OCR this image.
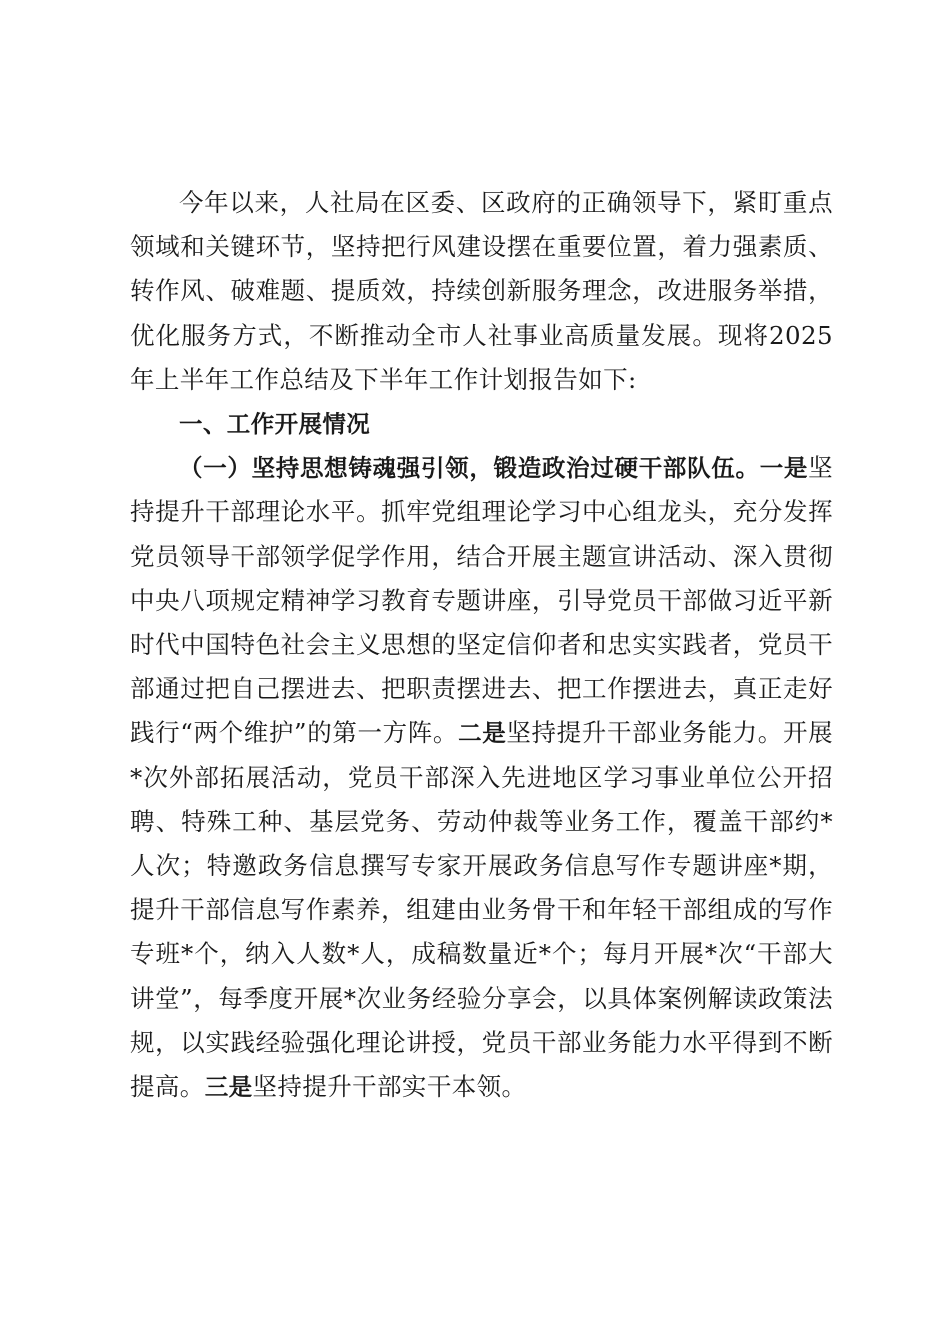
今年以来，人社局在区委、区政府的正确领导下，紧盯重点领域和关键环节，坚持把行风建设摆在重要位置，着力强素质、转作风、破难题、提质效，持续创新服务理念，改进服务举措，优化服务方式，不断推动全市人社事业高质量发展。现将2025年上半年工作总结及下半年工作计划报告如下:

一、工作开展情况

（一）坚持思想铸魂强引领，锻造政治过硬干部队伍。一是坚持提升干部理论水平。抓牢党组理论学习中心组龙头，充分发挥党员领导干部领学促学作用，结合开展主题宣讲活动、深入贯彻中央八项规定精神学习教育专题讲座，引导党员干部做习近平新时代中国特色社会主义思想的坚定信仰者和忠实实践者，党员干部通过把自己摆进去、把职责摆进去、把工作摆进去，真正走好践行“两个维护”的第一方阵。二是坚持提升干部业务能力。开展*次外部拓展活动，党员干部深入先进地区学习事业单位公开招聘、特殊工种、基层党务、劳动仲裁等业务工作，覆盖干部约*人次；特邀政务信息撰写专家开展政务信息写作专题讲座*期，提升干部信息写作素养，组建由业务骨干和年轻干部组成的写作专班*个，纳入人数*人，成稿数量近*个；每月开展*次“干部大讲堂”，每季度开展*次业务经验分享会，以具体案例解读政策法规，以实践经验强化理论讲授，党员干部业务能力水平得到不断提高。三是坚持提升干部实干本领。
